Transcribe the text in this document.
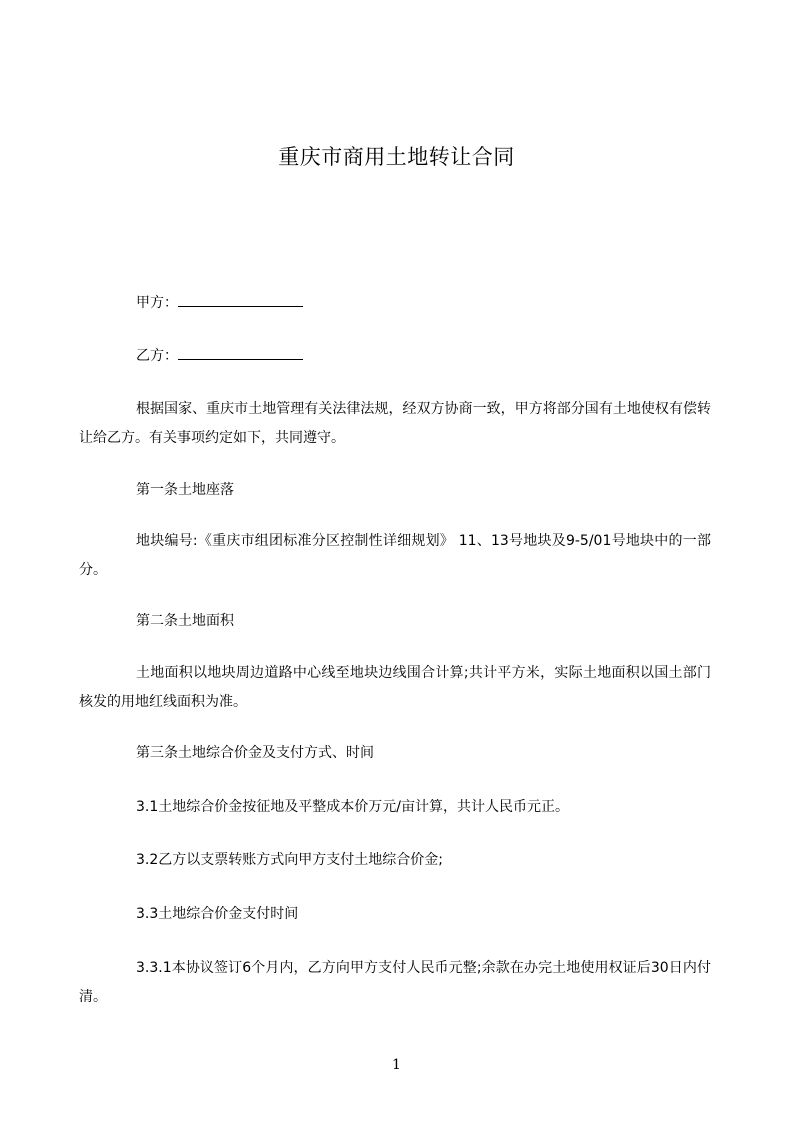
重庆市商用土地转让合同
甲方：
乙方：
根据国家、重庆市土地管理有关法律法规，经双方协商一致，甲方将部分国有土地使权有偿转让给乙方。有关事项约定如下，共同遵守。
第一条土地座落
地块编号:《重庆市组团标准分区控制性详细规划》 11、13号地块及9-5/01号地块中的一部分。
第二条土地面积
土地面积以地块周边道路中心线至地块边线围合计算;共计平方米，实际土地面积以国土部门核发的用地红线面积为准。
第三条土地综合价金及支付方式、时间
3.1土地综合价金按征地及平整成本价万元/亩计算，共计人民币元正。
3.2乙方以支票转账方式向甲方支付土地综合价金;
3.3土地综合价金支付时间
3.3.1本协议签订6个月内，乙方向甲方支付人民币元整;余款在办完土地使用权证后30日内付清。
1
